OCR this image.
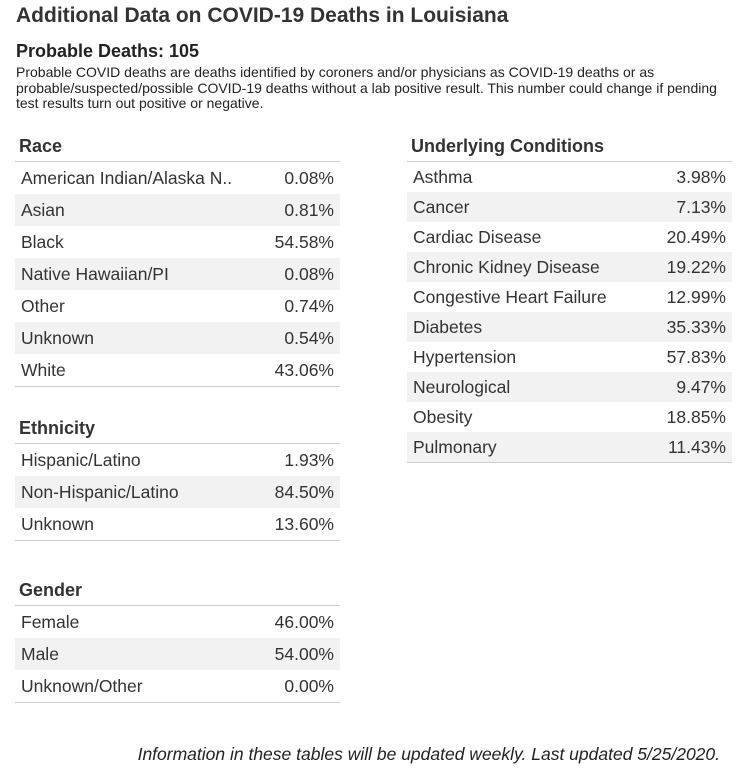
Additional Data on COVID-19 Deaths in Louisiana
Probable Deaths: 105
Probable COVID deaths are deaths identified by coroners and/or physicians as COVID-19 deaths or as probable/suspected/possible COVID-19 deaths without a lab positive result. This number could change if pending test results turn out positive or negative.
Race
American Indian/Alaska N..	0.08%
Asian	0.81%
Black	54.58%
Native Hawaiian/PI	0.08%
Other	0.74%
Unknown	0.54%
White	43.06%
Ethnicity
Hispanic/Latino	1.93%
Non-Hispanic/Latino	84.50%
Unknown	13.60%
Gender
Female	46.00%
Male	54.00%
Unknown/Other	0.00%
Underlying Conditions
Asthma	3.98%
Cancer	7.13%
Cardiac Disease	20.49%
Chronic Kidney Disease	19.22%
Congestive Heart Failure	12.99%
Diabetes	35.33%
Hypertension	57.83%
Neurological	9.47%
Obesity	18.85%
Pulmonary	11.43%
Information in these tables will be updated weekly. Last updated 5/25/2020.
